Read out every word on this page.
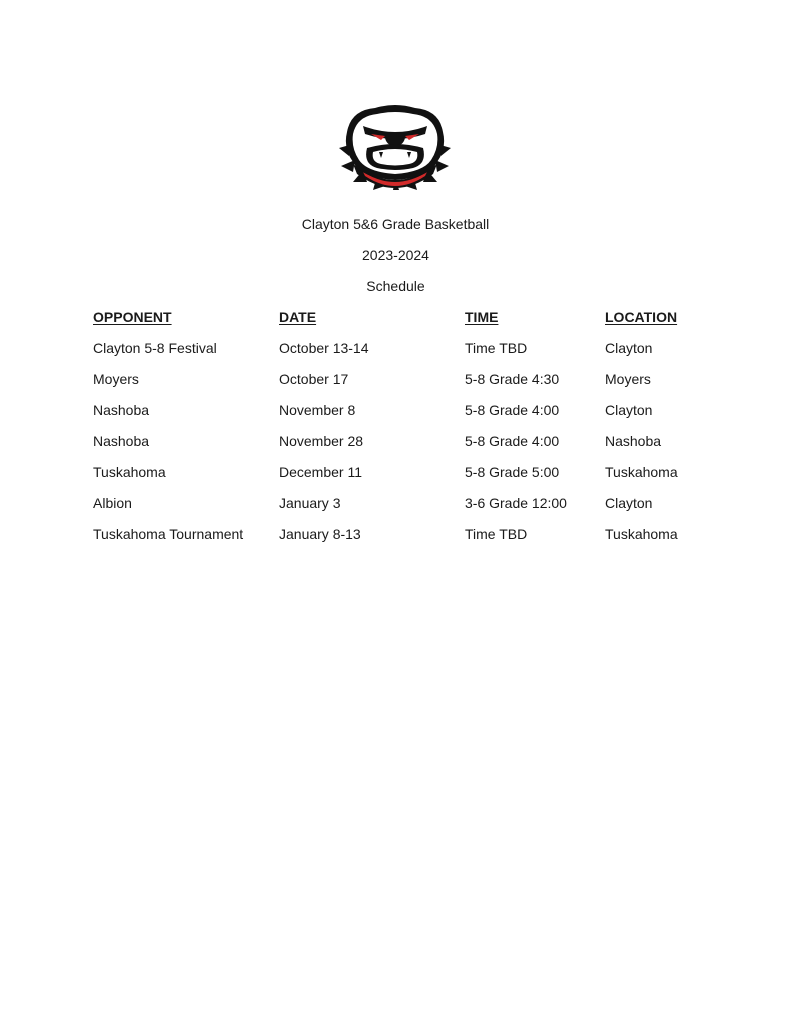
Clayton 5&6 Grade Basketball
2023-2024
Schedule
OPPONENT	DATE	TIME	LOCATION
Clayton 5-8 Festival	October 13-14	Time TBD	Clayton
Moyers	October 17	5-8 Grade 4:30	Moyers
Nashoba	November 8	5-8 Grade 4:00	Clayton
Nashoba	November 28	5-8 Grade 4:00	Nashoba
Tuskahoma	December 11	5-8 Grade 5:00	Tuskahoma
Albion	January 3	3-6 Grade 12:00	Clayton
Tuskahoma Tournament	January 8-13	Time TBD	Tuskahoma
